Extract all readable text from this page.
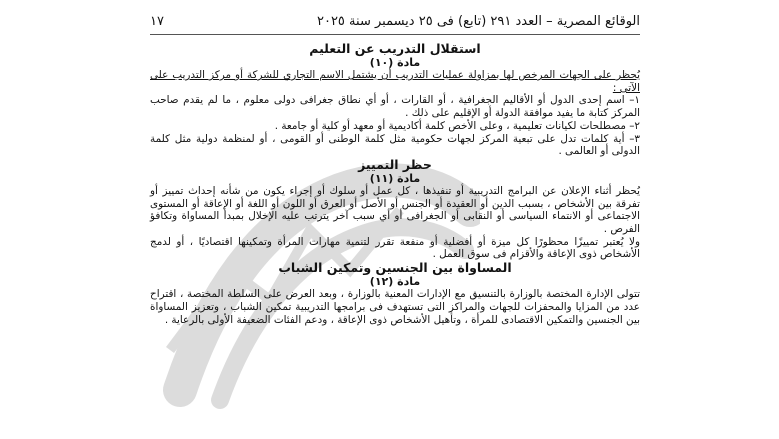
الوقائع المصرية – العدد ٢٩١ (تابع) فى ٢٥ ديسمبر سنة ٢٠٢٥
١٧

استقلال التدريب عن التعليم

مادة (١٠)

يُحظر على الجهات المرخص لها بمزاولة عمليات التدريب أن يشتمل الاسم التجاري للشركة أو مركز التدريب على الآتى :

١– اسم إحدى الدول أو الأقاليم الجغرافية ، أو القارات ، أو أي نطاق جغرافى دولى معلوم ، ما لم يقدم صاحب المركز كتابة ما يفيد موافقة الدولة أو الإقليم على ذلك .

٢– مصطلحات لكيانات تعليمية ، وعلى الأخص كلمة أكاديمية أو معهد أو كلية أو جامعة .

٣– أية كلمات تدل على تبعية المركز لجهات حكومية مثل كلمة الوطنى أو القومى ، أو لمنظمة دولية مثل كلمة الدولى أو العالمى .

حظر التمييز

مادة (١١)

يُحظر أثناء الإعلان عن البرامج التدريبية أو تنفيذها ، كل عمل أو سلوك أو إجراء يكون من شأنه إحداث تمييز أو تفرقة بين الأشخاص ، بسبب الدين أو العقيدة أو الجنس أو الأصل أو العرق أو اللون أو اللغة أو الإعاقة أو المستوى الاجتماعى أو الانتماء السياسى أو النقابى أو الجغرافى أو أي سبب آخر يترتب عليه الإخلال بمبدأ المساواة وتكافؤ الفرص .

ولا يُعتبر تمييزًا محظورًا كل ميزة أو أفضلية أو منفعة تقرر لتنمية مهارات المرأة وتمكينها اقتصاديًا ، أو لدمج الأشخاص ذوى الإعاقة والأقزام فى سوق العمل .

المساواة بين الجنسين وتمكين الشباب

مادة (١٢)

تتولى الإدارة المختصة بالوزارة بالتنسيق مع الإدارات المعنية بالوزارة ، وبعد العرض على السلطة المختصة ، اقتراح عدد من المزايا والمحفزات للجهات والمراكز التى تستهدف فى برامجها التدريبية تمكين الشباب ، وتعزيز المساواة بين الجنسين والتمكين الاقتصادى للمرأة ، وتأهيل الأشخاص ذوى الإعاقة ، ودعم الفئات الضعيفة الأولى بالرعاية .
